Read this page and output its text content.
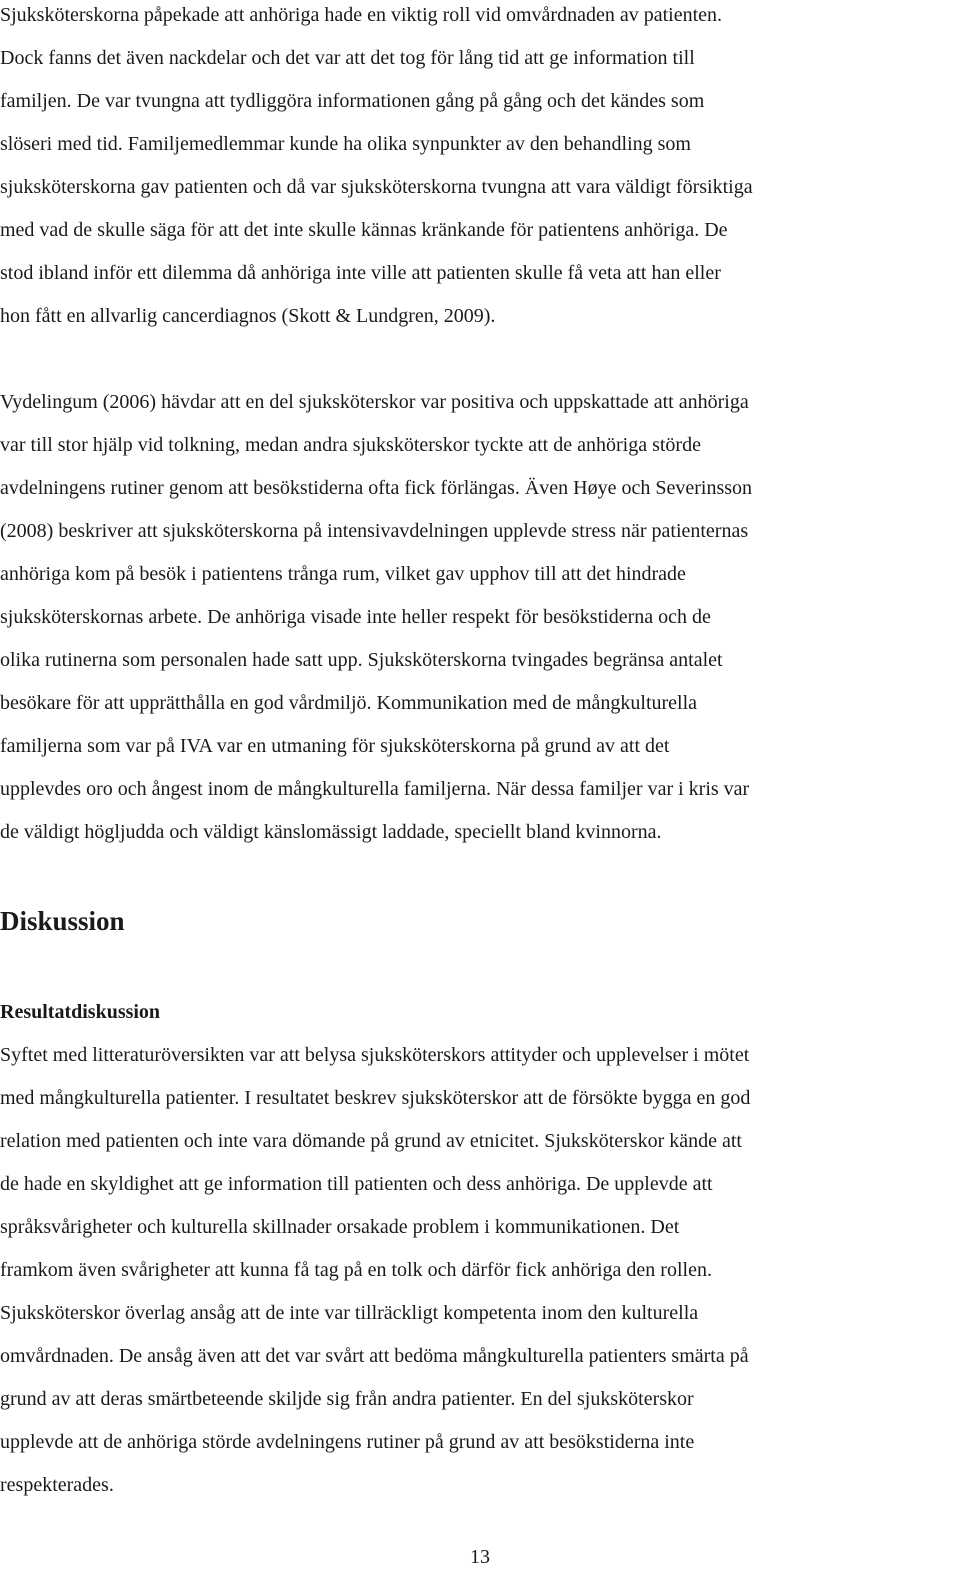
Sjuksköterskorna påpekade att anhöriga hade en viktig roll vid omvårdnaden av patienten.

Dock fanns det även nackdelar och det var att det tog för lång tid att ge information till

familjen. De var tvungna att tydliggöra informationen gång på gång och det kändes som

slöseri med tid. Familjemedlemmar kunde ha olika synpunkter av den behandling som

sjuksköterskorna gav patienten och då var sjuksköterskorna tvungna att vara väldigt försiktiga

med vad de skulle säga för att det inte skulle kännas kränkande för patientens anhöriga. De

stod ibland inför ett dilemma då anhöriga inte ville att patienten skulle få veta att han eller

hon fått en allvarlig cancerdiagnos (Skott & Lundgren, 2009).

Vydelingum (2006) hävdar att en del sjuksköterskor var positiva och uppskattade att anhöriga

var till stor hjälp vid tolkning, medan andra sjuksköterskor tyckte att de anhöriga störde

avdelningens rutiner genom att besökstiderna ofta fick förlängas. Även Høye och Severinsson

(2008) beskriver att sjuksköterskorna på intensivavdelningen upplevde stress när patienternas

anhöriga kom på besök i patientens trånga rum, vilket gav upphov till att det hindrade

sjuksköterskornas arbete. De anhöriga visade inte heller respekt för besökstiderna och de

olika rutinerna som personalen hade satt upp. Sjuksköterskorna tvingades begränsa antalet

besökare för att upprätthålla en god vårdmiljö. Kommunikation med de mångkulturella

familjerna som var på IVA var en utmaning för sjuksköterskorna på grund av att det

upplevdes oro och ångest inom de mångkulturella familjerna. När dessa familjer var i kris var

de väldigt högljudda och väldigt känslomässigt laddade, speciellt bland kvinnorna.

Diskussion
Resultatdiskussion

Syftet med litteraturöversikten var att belysa sjuksköterskors attityder och upplevelser i mötet

med mångkulturella patienter. I resultatet beskrev sjuksköterskor att de försökte bygga en god

relation med patienten och inte vara dömande på grund av etnicitet. Sjuksköterskor kände att

de hade en skyldighet att ge information till patienten och dess anhöriga. De upplevde att

språksvårigheter och kulturella skillnader orsakade problem i kommunikationen. Det

framkom även svårigheter att kunna få tag på en tolk och därför fick anhöriga den rollen.

Sjuksköterskor överlag ansåg att de inte var tillräckligt kompetenta inom den kulturella

omvårdnaden. De ansåg även att det var svårt att bedöma mångkulturella patienters smärta på

grund av att deras smärtbeteende skiljde sig från andra patienter. En del sjuksköterskor

upplevde att de anhöriga störde avdelningens rutiner på grund av att besökstiderna inte

respekterades.

13
